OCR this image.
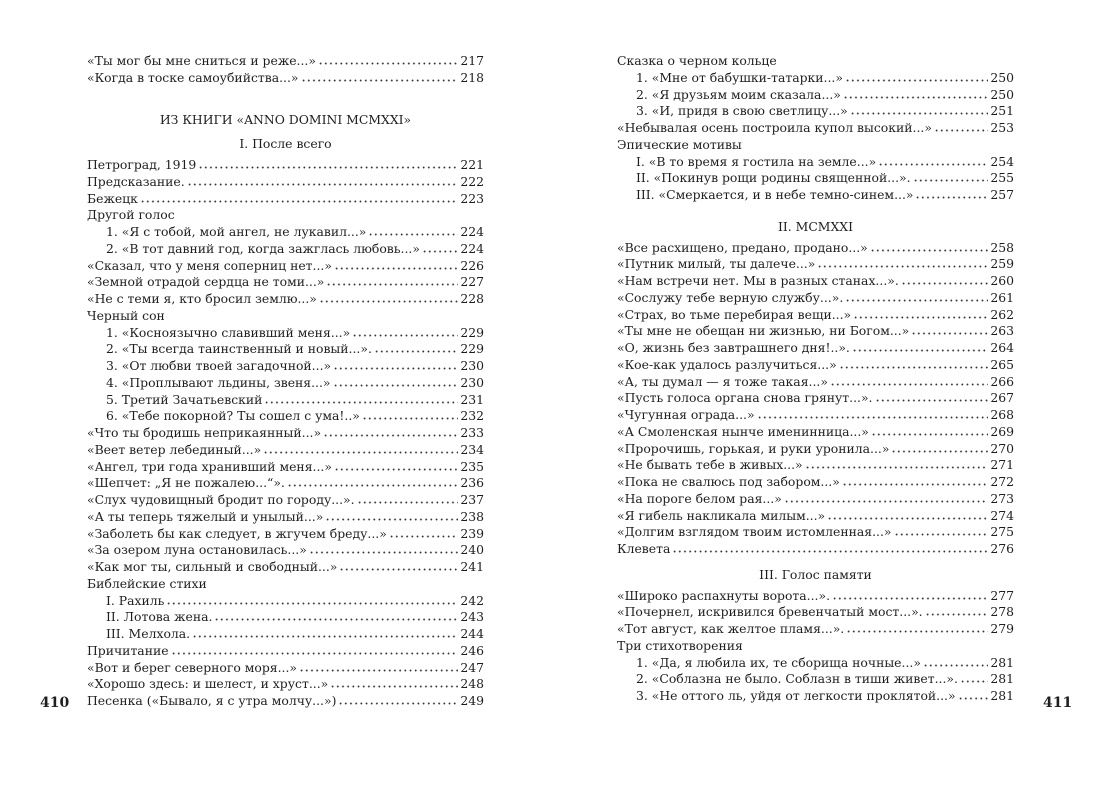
«Ты мог бы мне сниться и реже...»	217
«Когда в тоске самоубийства...»	218
ИЗ КНИГИ «ANNO DOMINI MCMXXI»
I. После всего
Петроград, 1919	221
Предсказание.	222
Бежецк	223
Другой голос
1. «Я с тобой, мой ангел, не лукавил...»	224
2. «В тот давний год, когда зажглась любовь...»	224
«Сказал, что у меня соперниц нет...»	226
«Земной отрадой сердца не томи...»	227
«Не с теми я, кто бросил землю...»	228
Черный сон
1. «Косноязычно славивший меня...»	229
2. «Ты всегда таинственный и новый...».	229
3. «От любви твоей загадочной...»	230
4. «Проплывают льдины, звеня...»	230
5. Третий Зачатьевский	231
6. «Тебе покорной? Ты сошел с ума!..»	232
«Что ты бродишь неприкаянный...»	233
«Веет ветер лебединый...»	234
«Ангел, три года хранивший меня...»	235
«Шепчет: „Я не пожалею...“».	236
«Слух чудовищный бродит по городу...».	237
«А ты теперь тяжелый и унылый...»	238
«Заболеть бы как следует, в жгучем бреду...»	239
«За озером луна остановилась...»	240
«Как мог ты, сильный и свободный...»	241
Библейские стихи
I. Рахиль	242
II. Лотова жена.	243
III. Мелхола.	244
Причитание	246
«Вот и берег северного моря...»	247
«Хорошо здесь: и шелест, и хруст...»	248
Песенка («Бывало, я с утра молчу...»)	249
Сказка о черном кольце
1. «Мне от бабушки-татарки...»	250
2. «Я друзьям моим сказала...»	250
3. «И, придя в свою светлицу...»	251
«Небывалая осень построила купол высокий...»	253
Эпические мотивы
I. «В то время я гостила на земле...»	254
II. «Покинув рощи родины священной...».	255
III. «Смеркается, и в небе темно-синем...»	257
II. MCMXXI
«Все расхищено, предано, продано...»	258
«Путник милый, ты далече...»	259
«Нам встречи нет. Мы в разных станах...».	260
«Сослужу тебе верную службу...».	261
«Страх, во тьме перебирая вещи...»	262
«Ты мне не обещан ни жизнью, ни Богом...»	263
«О, жизнь без завтрашнего дня!..».	264
«Кое-как удалось разлучиться...»	265
«А, ты думал — я тоже такая...»	266
«Пусть голоса органа снова грянут...».	267
«Чугунная ограда...»	268
«А Смоленская нынче именинница...»	269
«Пророчишь, горькая, и руки уронила...»	270
«Не бывать тебе в живых...»	271
«Пока не свалюсь под забором...»	272
«На пороге белом рая...»	273
«Я гибель накликала милым...»	274
«Долгим взглядом твоим истомленная...»	275
Клевета	276
III. Голос памяти
«Широко распахнуты ворота...».	277
«Почернел, искривился бревенчатый мост...».	278
«Тот август, как желтое пламя...».	279
Три стихотворения
1. «Да, я любила их, те сборища ночные...»	281
2. «Соблазна не было. Соблазн в тиши живет...».	281
3. «Не оттого ль, уйдя от легкости проклятой...»	281
410	411
